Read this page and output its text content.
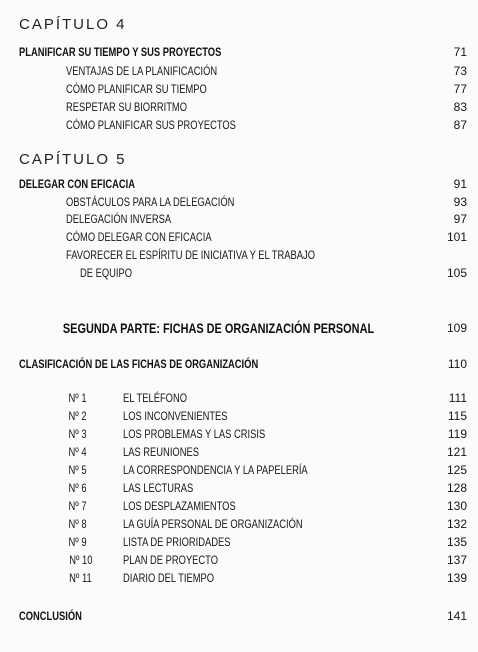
CAPÍTULO 4
PLANIFICAR SU TIEMPO Y SUS PROYECTOS	71
VENTAJAS DE LA PLANIFICACIÓN	73
CÓMO PLANIFICAR SU TIEMPO	77
RESPETAR SU BIORRITMO	83
CÓMO PLANIFICAR SUS PROYECTOS	87
CAPÍTULO 5
DELEGAR CON EFICACIA	91
OBSTÁCULOS PARA LA DELEGACIÓN	93
DELEGACIÓN INVERSA	97
CÓMO DELEGAR CON EFICACIA	101
FAVORECER EL ESPÍRITU DE INICIATIVA Y EL TRABAJO
DE EQUIPO	105
SEGUNDA PARTE: FICHAS DE ORGANIZACIÓN PERSONAL	109
CLASIFICACIÓN DE LAS FICHAS DE ORGANIZACIÓN	110
Nº 1	EL TELÉFONO	111
Nº 2	LOS INCONVENIENTES	115
Nº 3	LOS PROBLEMAS Y LAS CRISIS	119
Nº 4	LAS REUNIONES	121
Nº 5	LA CORRESPONDENCIA Y LA PAPELERÍA	125
Nº 6	LAS LECTURAS	128
Nº 7	LOS DESPLAZAMIENTOS	130
Nº 8	LA GUÍA PERSONAL DE ORGANIZACIÓN	132
Nº 9	LISTA DE PRIORIDADES	135
Nº 10	PLAN DE PROYECTO	137
Nº 11	DIARIO DEL TIEMPO	139
CONCLUSIÓN	141
